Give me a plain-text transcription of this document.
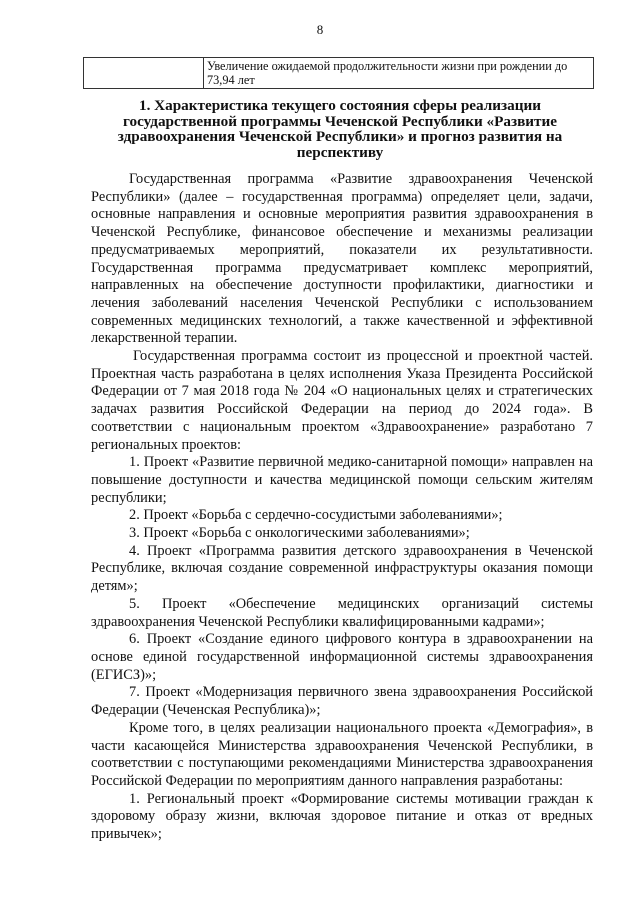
8
	Увеличение ожидаемой продолжительности жизни при рождении до 73,94 лет
1. Характеристика текущего состояния сферы реализации государственной программы Чеченской Республики «Развитие здравоохранения Чеченской Республики» и прогноз развития на перспективу

Государственная программа «Развитие здравоохранения Чеченской Республики» (далее – государственная программа) определяет цели, задачи, основные направления и основные мероприятия развития здравоохранения в Чеченской Республике, финансовое обеспечение и механизмы реализации предусматриваемых мероприятий, показатели их результативности. Государственная программа предусматривает комплекс мероприятий, направленных на обеспечение доступности профилактики, диагностики и лечения заболеваний населения Чеченской Республики с использованием современных медицинских технологий, а также качественной и эффективной лекарственной терапии.

Государственная программа состоит из процессной и проектной частей. Проектная часть разработана в целях исполнения Указа Президента Российской Федерации от 7 мая 2018 года № 204 «О национальных целях и стратегических задачах развития Российской Федерации на период до 2024 года». В соответствии с национальным проектом «Здравоохранение» разработано 7 региональных проектов:

1. Проект «Развитие первичной медико-санитарной помощи» направлен на повышение доступности и качества медицинской помощи сельским жителям республики;

2. Проект «Борьба с сердечно-сосудистыми заболеваниями»;

3. Проект «Борьба с онкологическими заболеваниями»;

4. Проект «Программа развития детского здравоохранения в Чеченской Республике, включая создание современной инфраструктуры оказания помощи детям»;

5. Проект «Обеспечение медицинских организаций системы здравоохранения Чеченской Республики квалифицированными кадрами»;

6. Проект «Создание единого цифрового контура в здравоохранении на основе единой государственной информационной системы здравоохранения (ЕГИСЗ)»;

7. Проект «Модернизация первичного звена здравоохранения Российской Федерации (Чеченская Республика)»;

Кроме того, в целях реализации национального проекта «Демография», в части касающейся Министерства здравоохранения Чеченской Республики, в соответствии с поступающими рекомендациями Министерства здравоохранения Российской Федерации по мероприятиям данного направления разработаны:

1. Региональный проект «Формирование системы мотивации граждан к здоровому образу жизни, включая здоровое питание и отказ от вредных привычек»;
